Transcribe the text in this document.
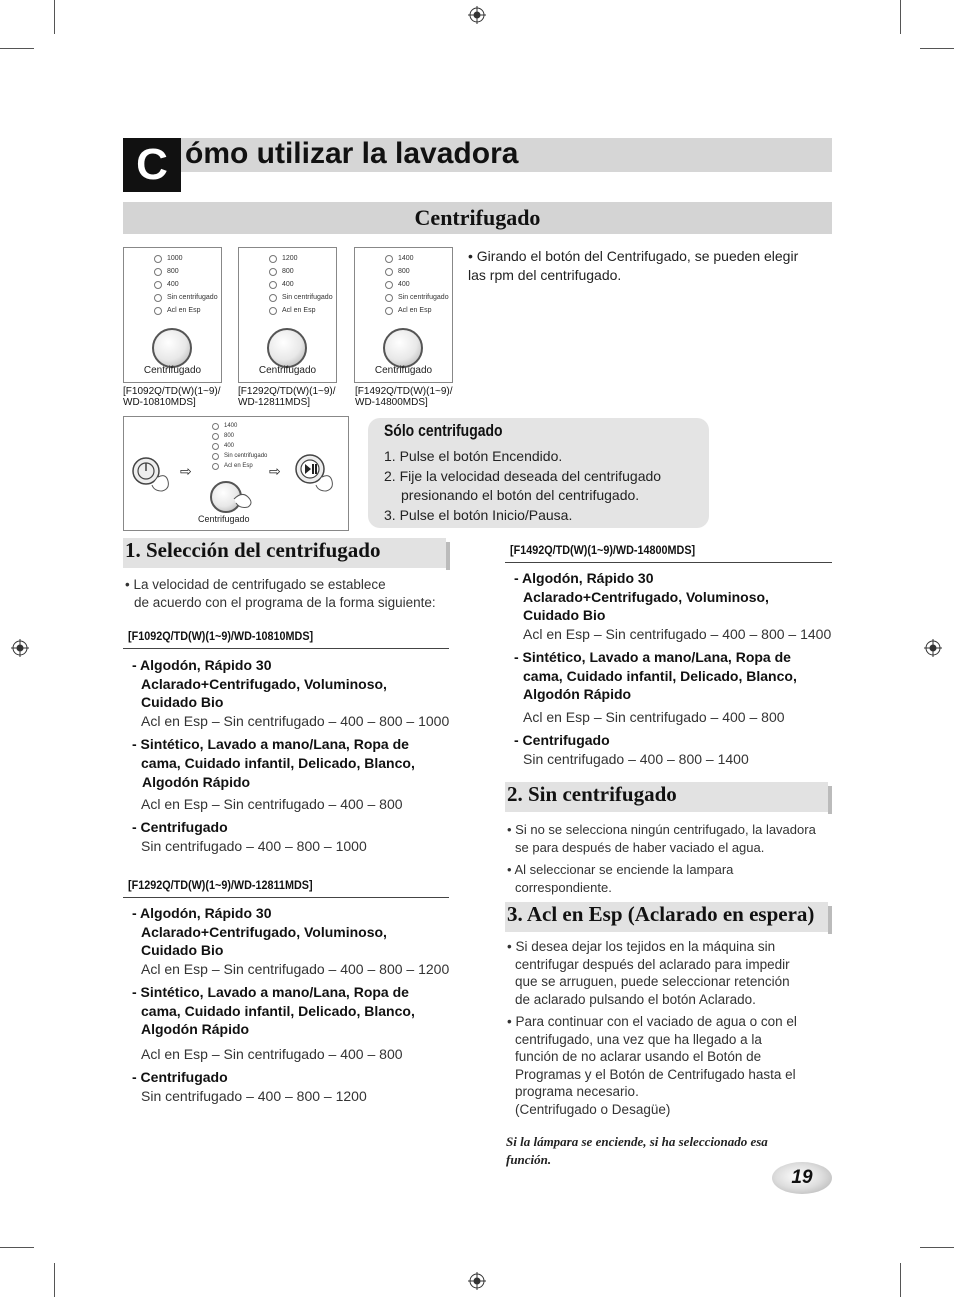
C ómo utilizar la lavadora
Centrifugado
1000
800
400
Sin centrifugado
Acl en Esp
Centrifugado
[F1092Q/TD(W)(1~9)/
WD-10810MDS]
1200
800
400
Sin centrifugado
Acl en Esp
Centrifugado
[F1292Q/TD(W)(1~9)/
WD-12811MDS]
1400
800
400
Sin centrifugado
Acl en Esp
Centrifugado
[F1492Q/TD(W)(1~9)/
WD-14800MDS]
• Girando el botón del Centrifugado, se pueden elegir las rpm del centrifugado.
⇨
1400
800
400
Sin centrifugado
Acl en Esp
Centrifugado
⇨
Sólo centrifugado
1. Pulse el botón Encendido.
2. Fije la velocidad deseada del centrifugado
presionando el botón del centrifugado.
3. Pulse el botón Inicio/Pausa.
1. Selección del centrifugado
• La velocidad de centrifugado se establece
de acuerdo con el programa de la forma siguiente:
[F1092Q/TD(W)(1~9)/WD-10810MDS]
- Algodón, Rápido 30
Aclarado+Centrifugado, Voluminoso,
Cuidado Bio
Acl en Esp – Sin centrifugado – 400 – 800 – 1000
- Sintético, Lavado a mano/Lana, Ropa de
cama, Cuidado infantil, Delicado, Blanco,
Algodón Rápido
Acl en Esp – Sin centrifugado – 400 – 800
- Centrifugado
Sin centrifugado – 400 – 800 – 1000
[F1292Q/TD(W)(1~9)/WD-12811MDS]
- Algodón, Rápido 30
Aclarado+Centrifugado, Voluminoso,
Cuidado Bio
Acl en Esp – Sin centrifugado – 400 – 800 – 1200
- Sintético, Lavado a mano/Lana, Ropa de
cama, Cuidado infantil, Delicado, Blanco,
Algodón Rápido
Acl en Esp – Sin centrifugado – 400 – 800
- Centrifugado
Sin centrifugado – 400 – 800 – 1200
[F1492Q/TD(W)(1~9)/WD-14800MDS]
- Algodón, Rápido 30
Aclarado+Centrifugado, Voluminoso,
Cuidado Bio
Acl en Esp – Sin centrifugado – 400 – 800 – 1400
- Sintético, Lavado a mano/Lana, Ropa de
cama, Cuidado infantil, Delicado, Blanco,
Algodón Rápido
Acl en Esp – Sin centrifugado – 400 – 800
- Centrifugado
Sin centrifugado – 400 – 800 – 1400
2. Sin centrifugado
• Si no se selecciona ningún centrifugado, la lavadora
se para después de haber vaciado el agua.
• Al seleccionar se enciende la lampara
correspondiente.
3. Acl en Esp (Aclarado en espera)
• Si desea dejar los tejidos en la máquina sin
centrifugar después del aclarado para impedir
que se arruguen, puede seleccionar retención
de aclarado pulsando el botón Aclarado.
• Para continuar con el vaciado de agua o con el
centrifugado, una vez que ha llegado a la
función de no aclarar usando el Botón de
Programas y el Botón de Centrifugado hasta el
programa necesario.
(Centrifugado o Desagüe)
Si la lámpara se enciende, si ha seleccionado esa
función.
19
